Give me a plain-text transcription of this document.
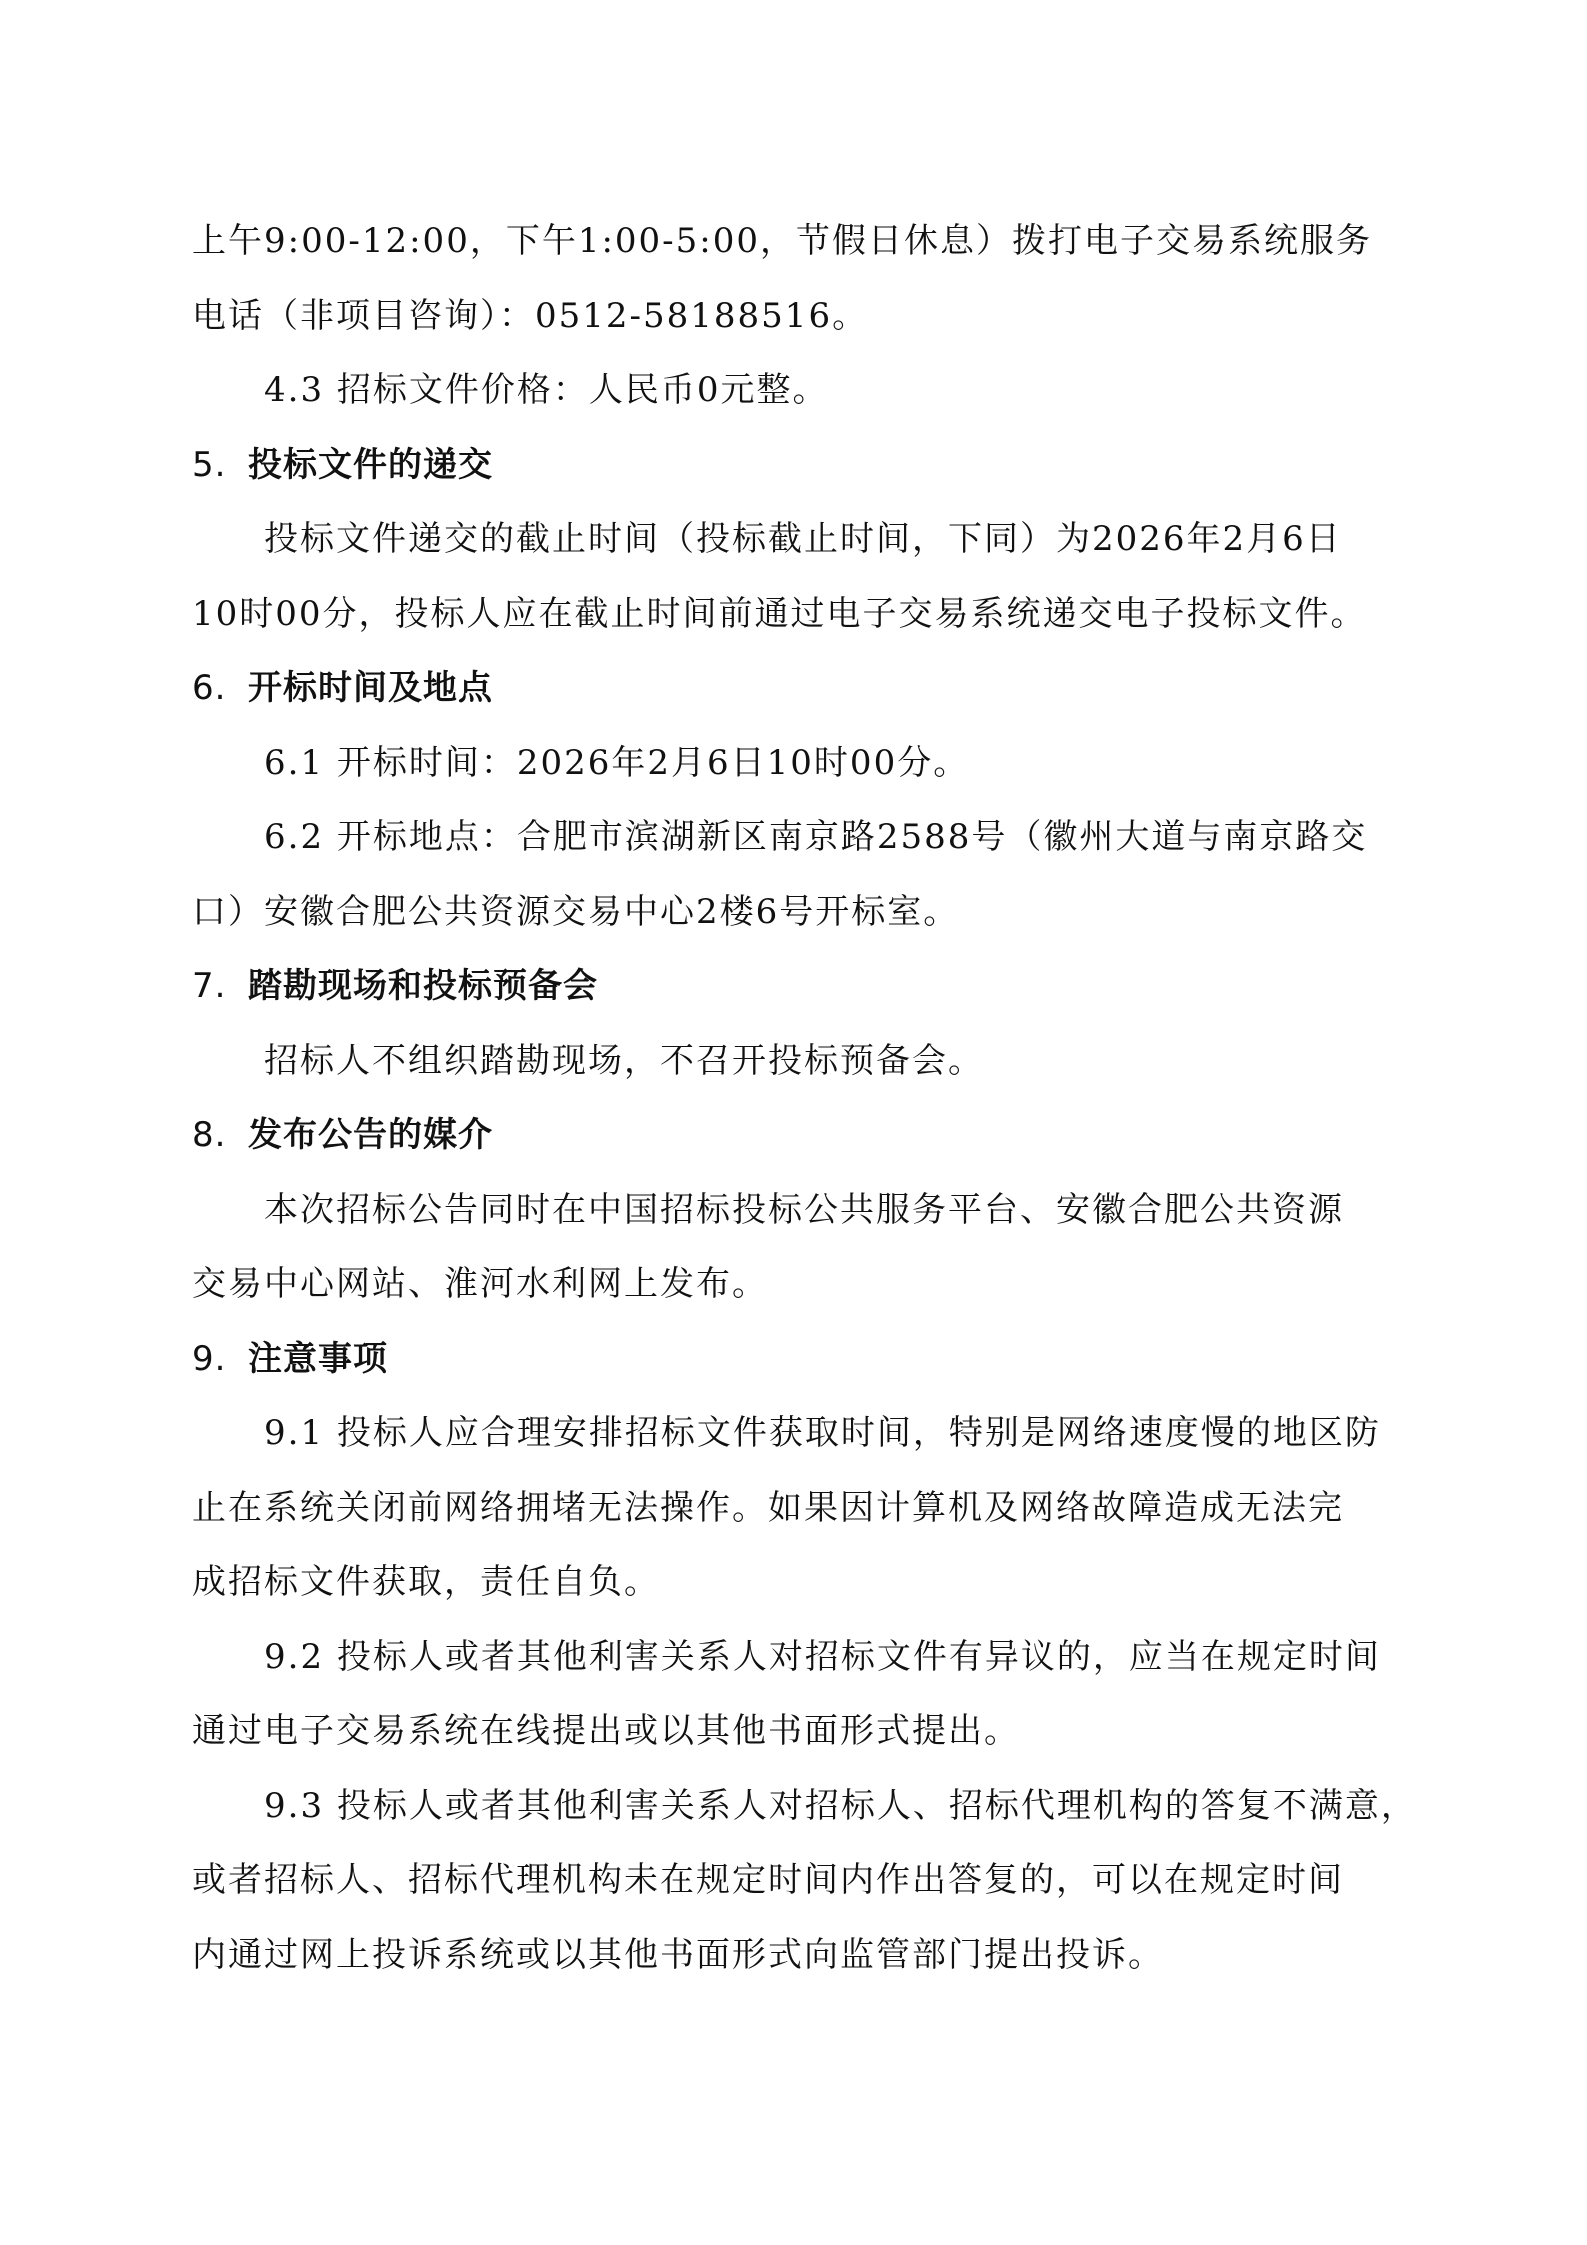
上午9:00-12:00，下午1:00-5:00，节假日休息）拨打电子交易系统服务
电话（非项目咨询）：0512-58188516。
4.3 招标文件价格：人民币0元整。
5. 投标文件的递交
投标文件递交的截止时间（投标截止时间，下同）为2026年2月6日
10时00分，投标人应在截止时间前通过电子交易系统递交电子投标文件。
6. 开标时间及地点
6.1 开标时间：2026年2月6日10时00分。
6.2 开标地点：合肥市滨湖新区南京路2588号（徽州大道与南京路交
口）安徽合肥公共资源交易中心2楼6号开标室。
7. 踏勘现场和投标预备会
招标人不组织踏勘现场，不召开投标预备会。
8. 发布公告的媒介
本次招标公告同时在中国招标投标公共服务平台、安徽合肥公共资源
交易中心网站、淮河水利网上发布。
9. 注意事项
9.1 投标人应合理安排招标文件获取时间，特别是网络速度慢的地区防
止在系统关闭前网络拥堵无法操作。如果因计算机及网络故障造成无法完
成招标文件获取，责任自负。
9.2 投标人或者其他利害关系人对招标文件有异议的，应当在规定时间
通过电子交易系统在线提出或以其他书面形式提出。
9.3 投标人或者其他利害关系人对招标人、招标代理机构的答复不满意，
或者招标人、招标代理机构未在规定时间内作出答复的，可以在规定时间
内通过网上投诉系统或以其他书面形式向监管部门提出投诉。
